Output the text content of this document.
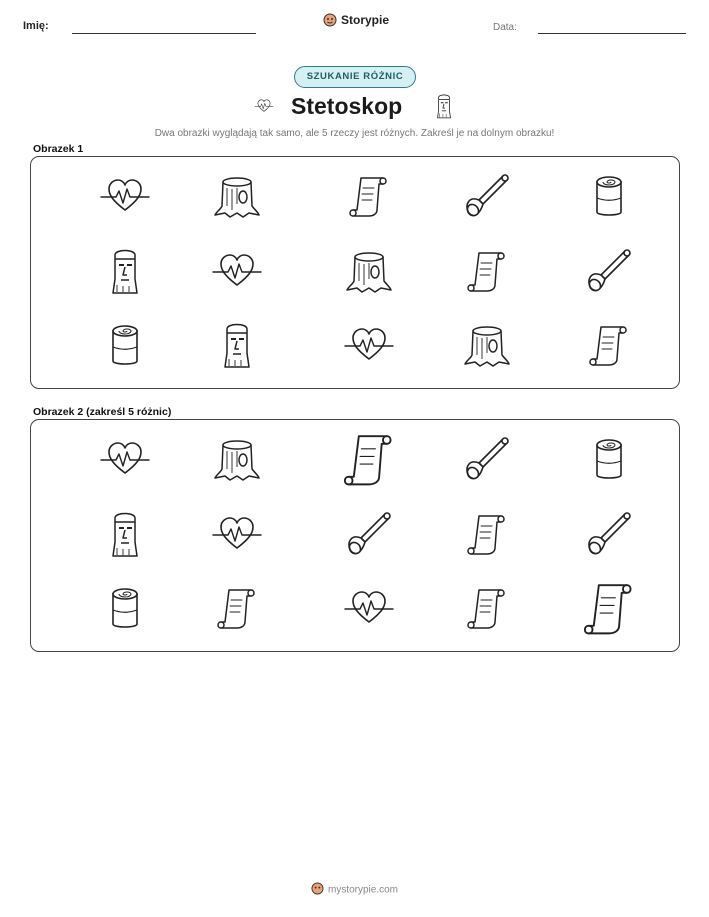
Imię:	Storypie
Data:
SZUKANIE RÓŻNIC
Stetoskop
Dwa obrazki wyglądają tak samo, ale 5 rzeczy jest różnych. Zakreśl je na dolnym obrazku!
Obrazek 1
Obrazek 2 (zakreśl 5 różnic)
mystorypie.com
